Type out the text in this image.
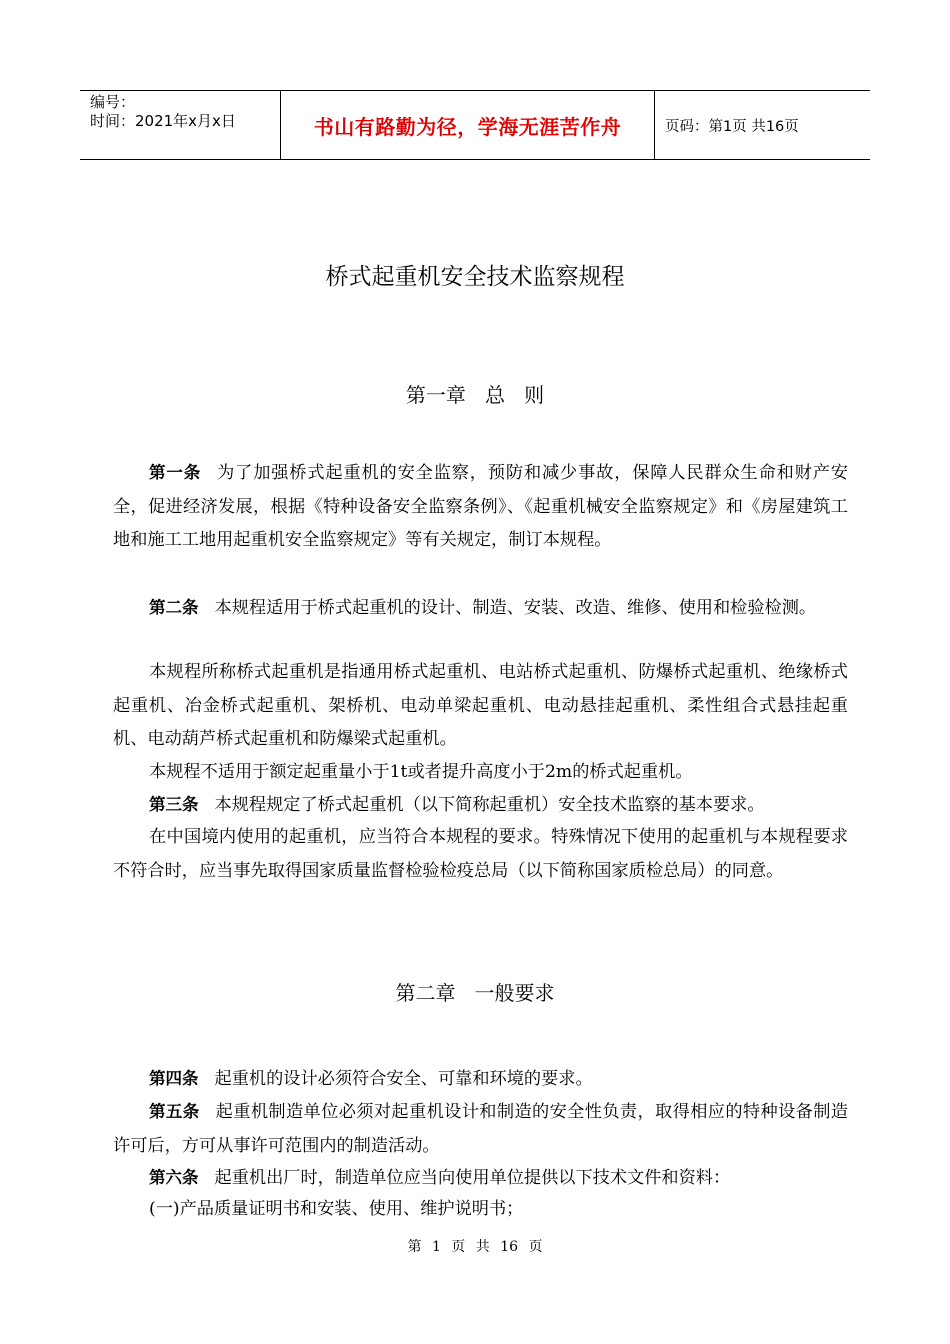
编号：
时间：2021年x月x日	书山有路勤为径，学海无涯苦作舟	页码：第1页 共16页
桥式起重机安全技术监察规程
第一章   总   则

第一条 为了加强桥式起重机的安全监察，预防和减少事故，保障人民群众生命和财产安全，促进经济发展，根据《特种设备安全监察条例》、《起重机械安全监察规定》和《房屋建筑工地和施工工地用起重机安全监察规定》等有关规定，制订本规程。

第二条 本规程适用于桥式起重机的设计、制造、安装、改造、维修、使用和检验检测。

本规程所称桥式起重机是指通用桥式起重机、电站桥式起重机、防爆桥式起重机、绝缘桥式起重机、冶金桥式起重机、架桥机、电动单梁起重机、电动悬挂起重机、柔性组合式悬挂起重机、电动葫芦桥式起重机和防爆梁式起重机。

本规程不适用于额定起重量小于1t或者提升高度小于2m的桥式起重机。

第三条 本规程规定了桥式起重机（以下简称起重机）安全技术监察的基本要求。

在中国境内使用的起重机，应当符合本规程的要求。特殊情况下使用的起重机与本规程要求不符合时，应当事先取得国家质量监督检验检疫总局（以下简称国家质检总局）的同意。

第二章   一般要求

第四条 起重机的设计必须符合安全、可靠和环境的要求。

第五条 起重机制造单位必须对起重机设计和制造的安全性负责，取得相应的特种设备制造许可后，方可从事许可范围内的制造活动。

第六条 起重机出厂时，制造单位应当向使用单位提供以下技术文件和资料：

(一)产品质量证明书和安装、使用、维护说明书；

第 1 页 共 16 页
